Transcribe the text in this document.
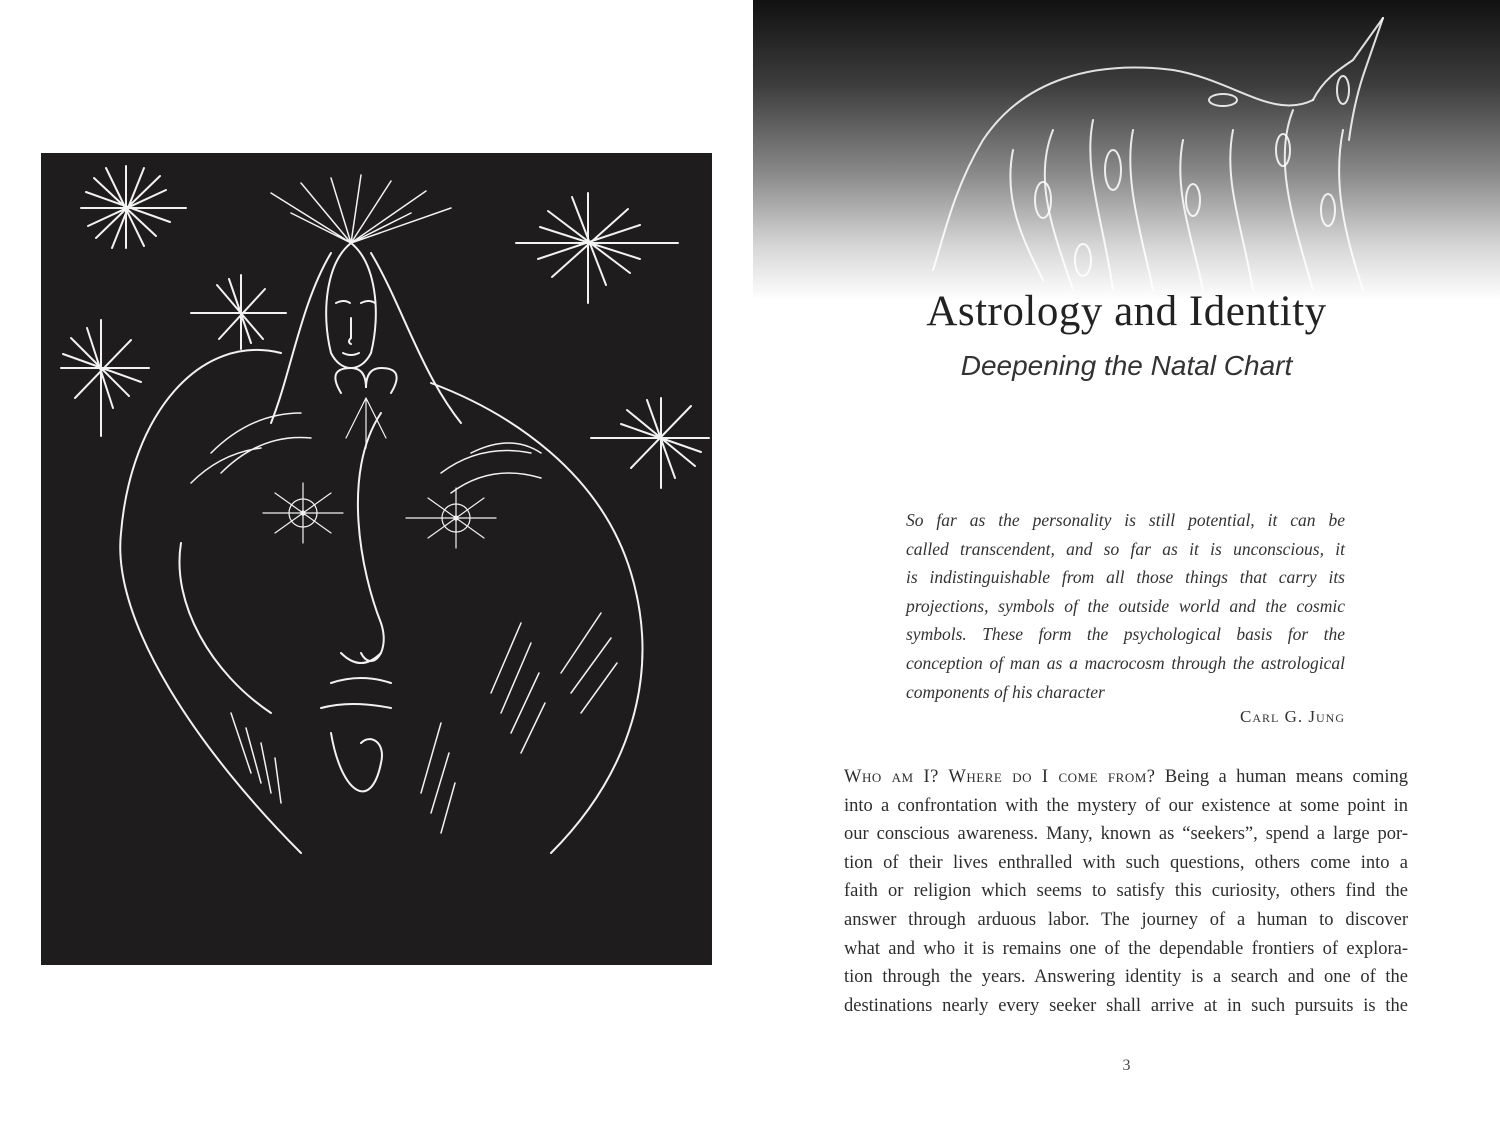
Astrology and Identity
Deepening the Natal Chart
So far as the personality is still potential, it can be
called transcendent, and so far as it is unconscious, it
is indistinguishable from all those things that carry its
projections, symbols of the outside world and the cosmic
symbols. These form the psychological basis for the
conception of man as a macrocosm through the astrological
components of his character
Carl G. Jung
Who am I? Where do I come from? Being a human means coming
into a confrontation with the mystery of our existence at some point in
our conscious awareness. Many, known as “seekers”, spend a large por-
tion of their lives enthralled with such questions, others come into a
faith or religion which seems to satisfy this curiosity, others find the
answer through arduous labor. The journey of a human to discover
what and who it is remains one of the dependable frontiers of explora-
tion through the years. Answering identity is a search and one of the
destinations nearly every seeker shall arrive at in such pursuits is the
3
